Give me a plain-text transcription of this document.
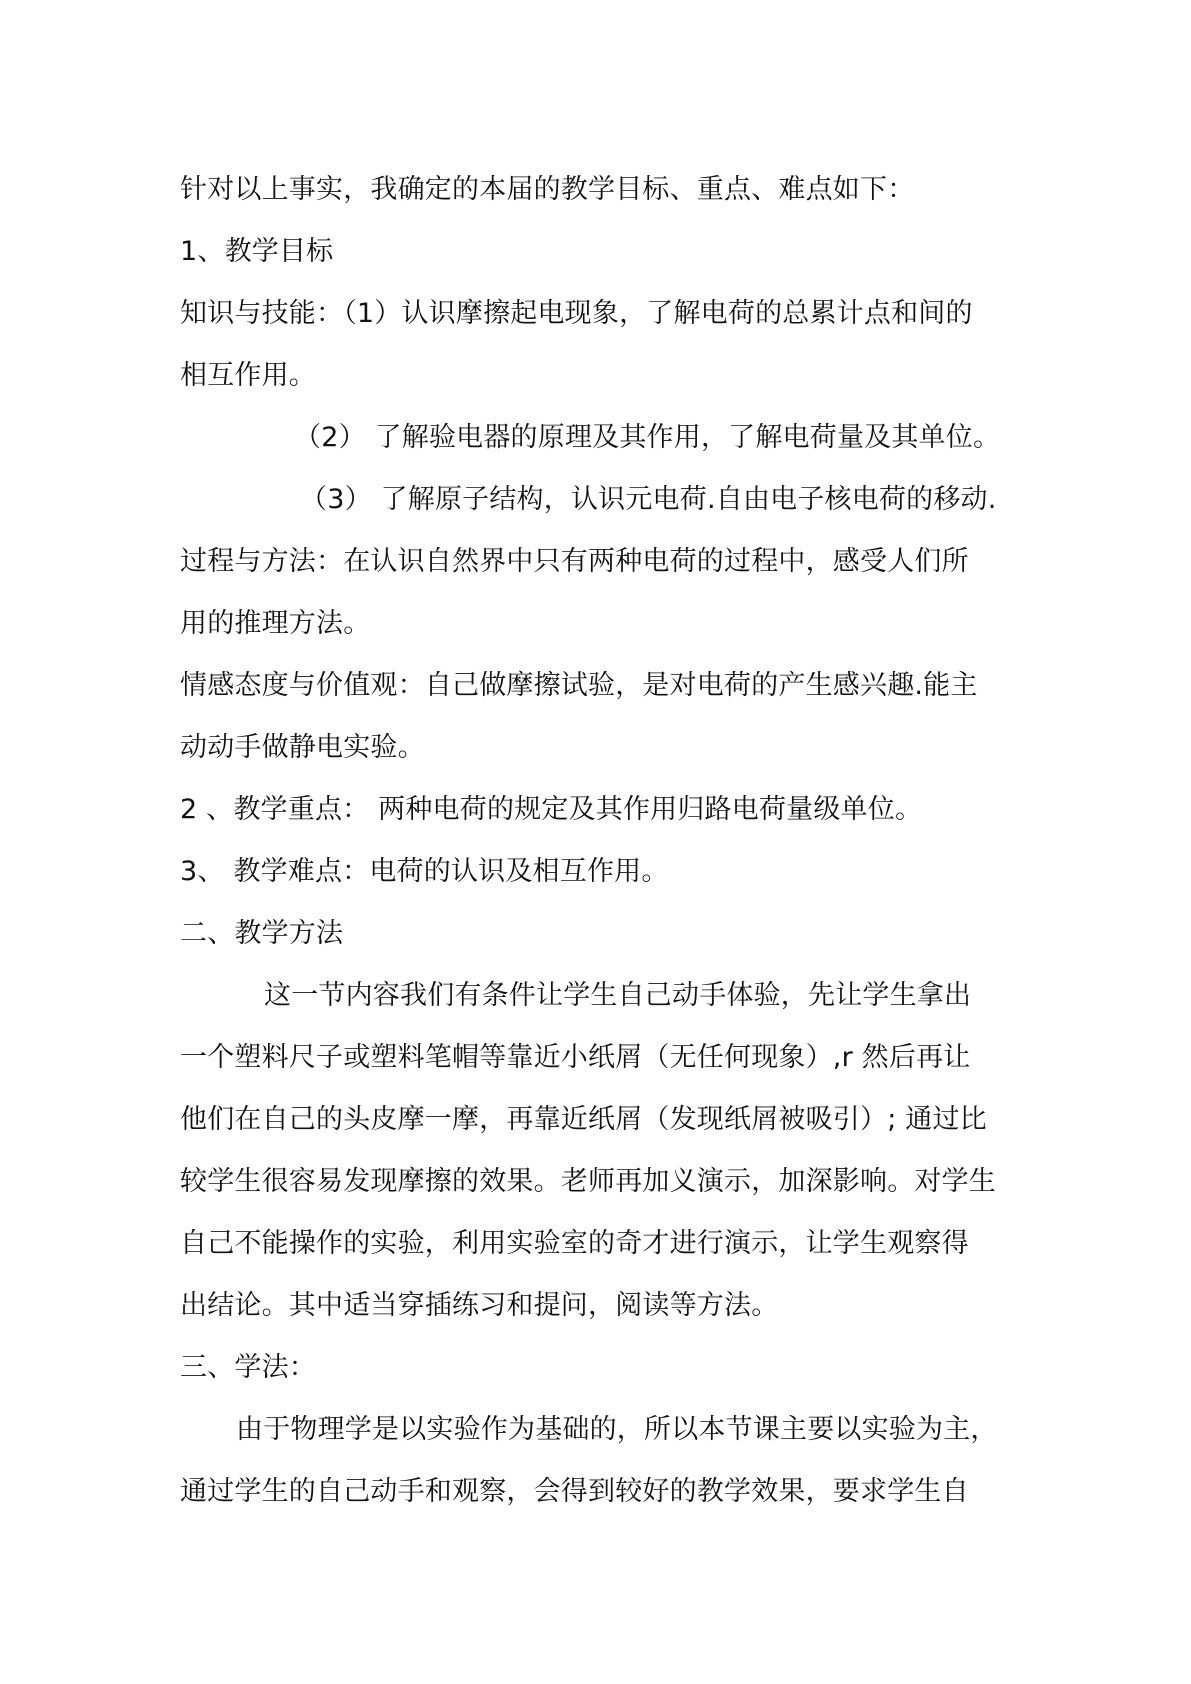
针对以上事实，我确定的本届的教学目标、重点、难点如下：
1、教学目标
知识与技能：（1）认识摩擦起电现象，了解电荷的总累计点和间的
相互作用。
（2） 了解验电器的原理及其作用，了解电荷量及其单位。
（3） 了解原子结构，认识元电荷.自由电子核电荷的移动.
过程与方法：在认识自然界中只有两种电荷的过程中，感受人们所
用的推理方法。
情感态度与价值观：自己做摩擦试验，是对电荷的产生感兴趣.能主
动动手做静电实验。
2 、教学重点： 两种电荷的规定及其作用归路电荷量级单位。
3、 教学难点：电荷的认识及相互作用。
二、教学方法
这一节内容我们有条件让学生自己动手体验，先让学生拿出
一个塑料尺子或塑料笔帽等靠近小纸屑（无任何现象）,r 然后再让
他们在自己的头皮摩一摩，再靠近纸屑（发现纸屑被吸引）; 通过比
较学生很容易发现摩擦的效果。老师再加义演示，加深影响。对学生
自己不能操作的实验，利用实验室的奇才进行演示，让学生观察得
出结论。其中适当穿插练习和提问，阅读等方法。
三、学法：
由于物理学是以实验作为基础的，所以本节课主要以实验为主，
通过学生的自己动手和观察，会得到较好的教学效果，要求学生自
